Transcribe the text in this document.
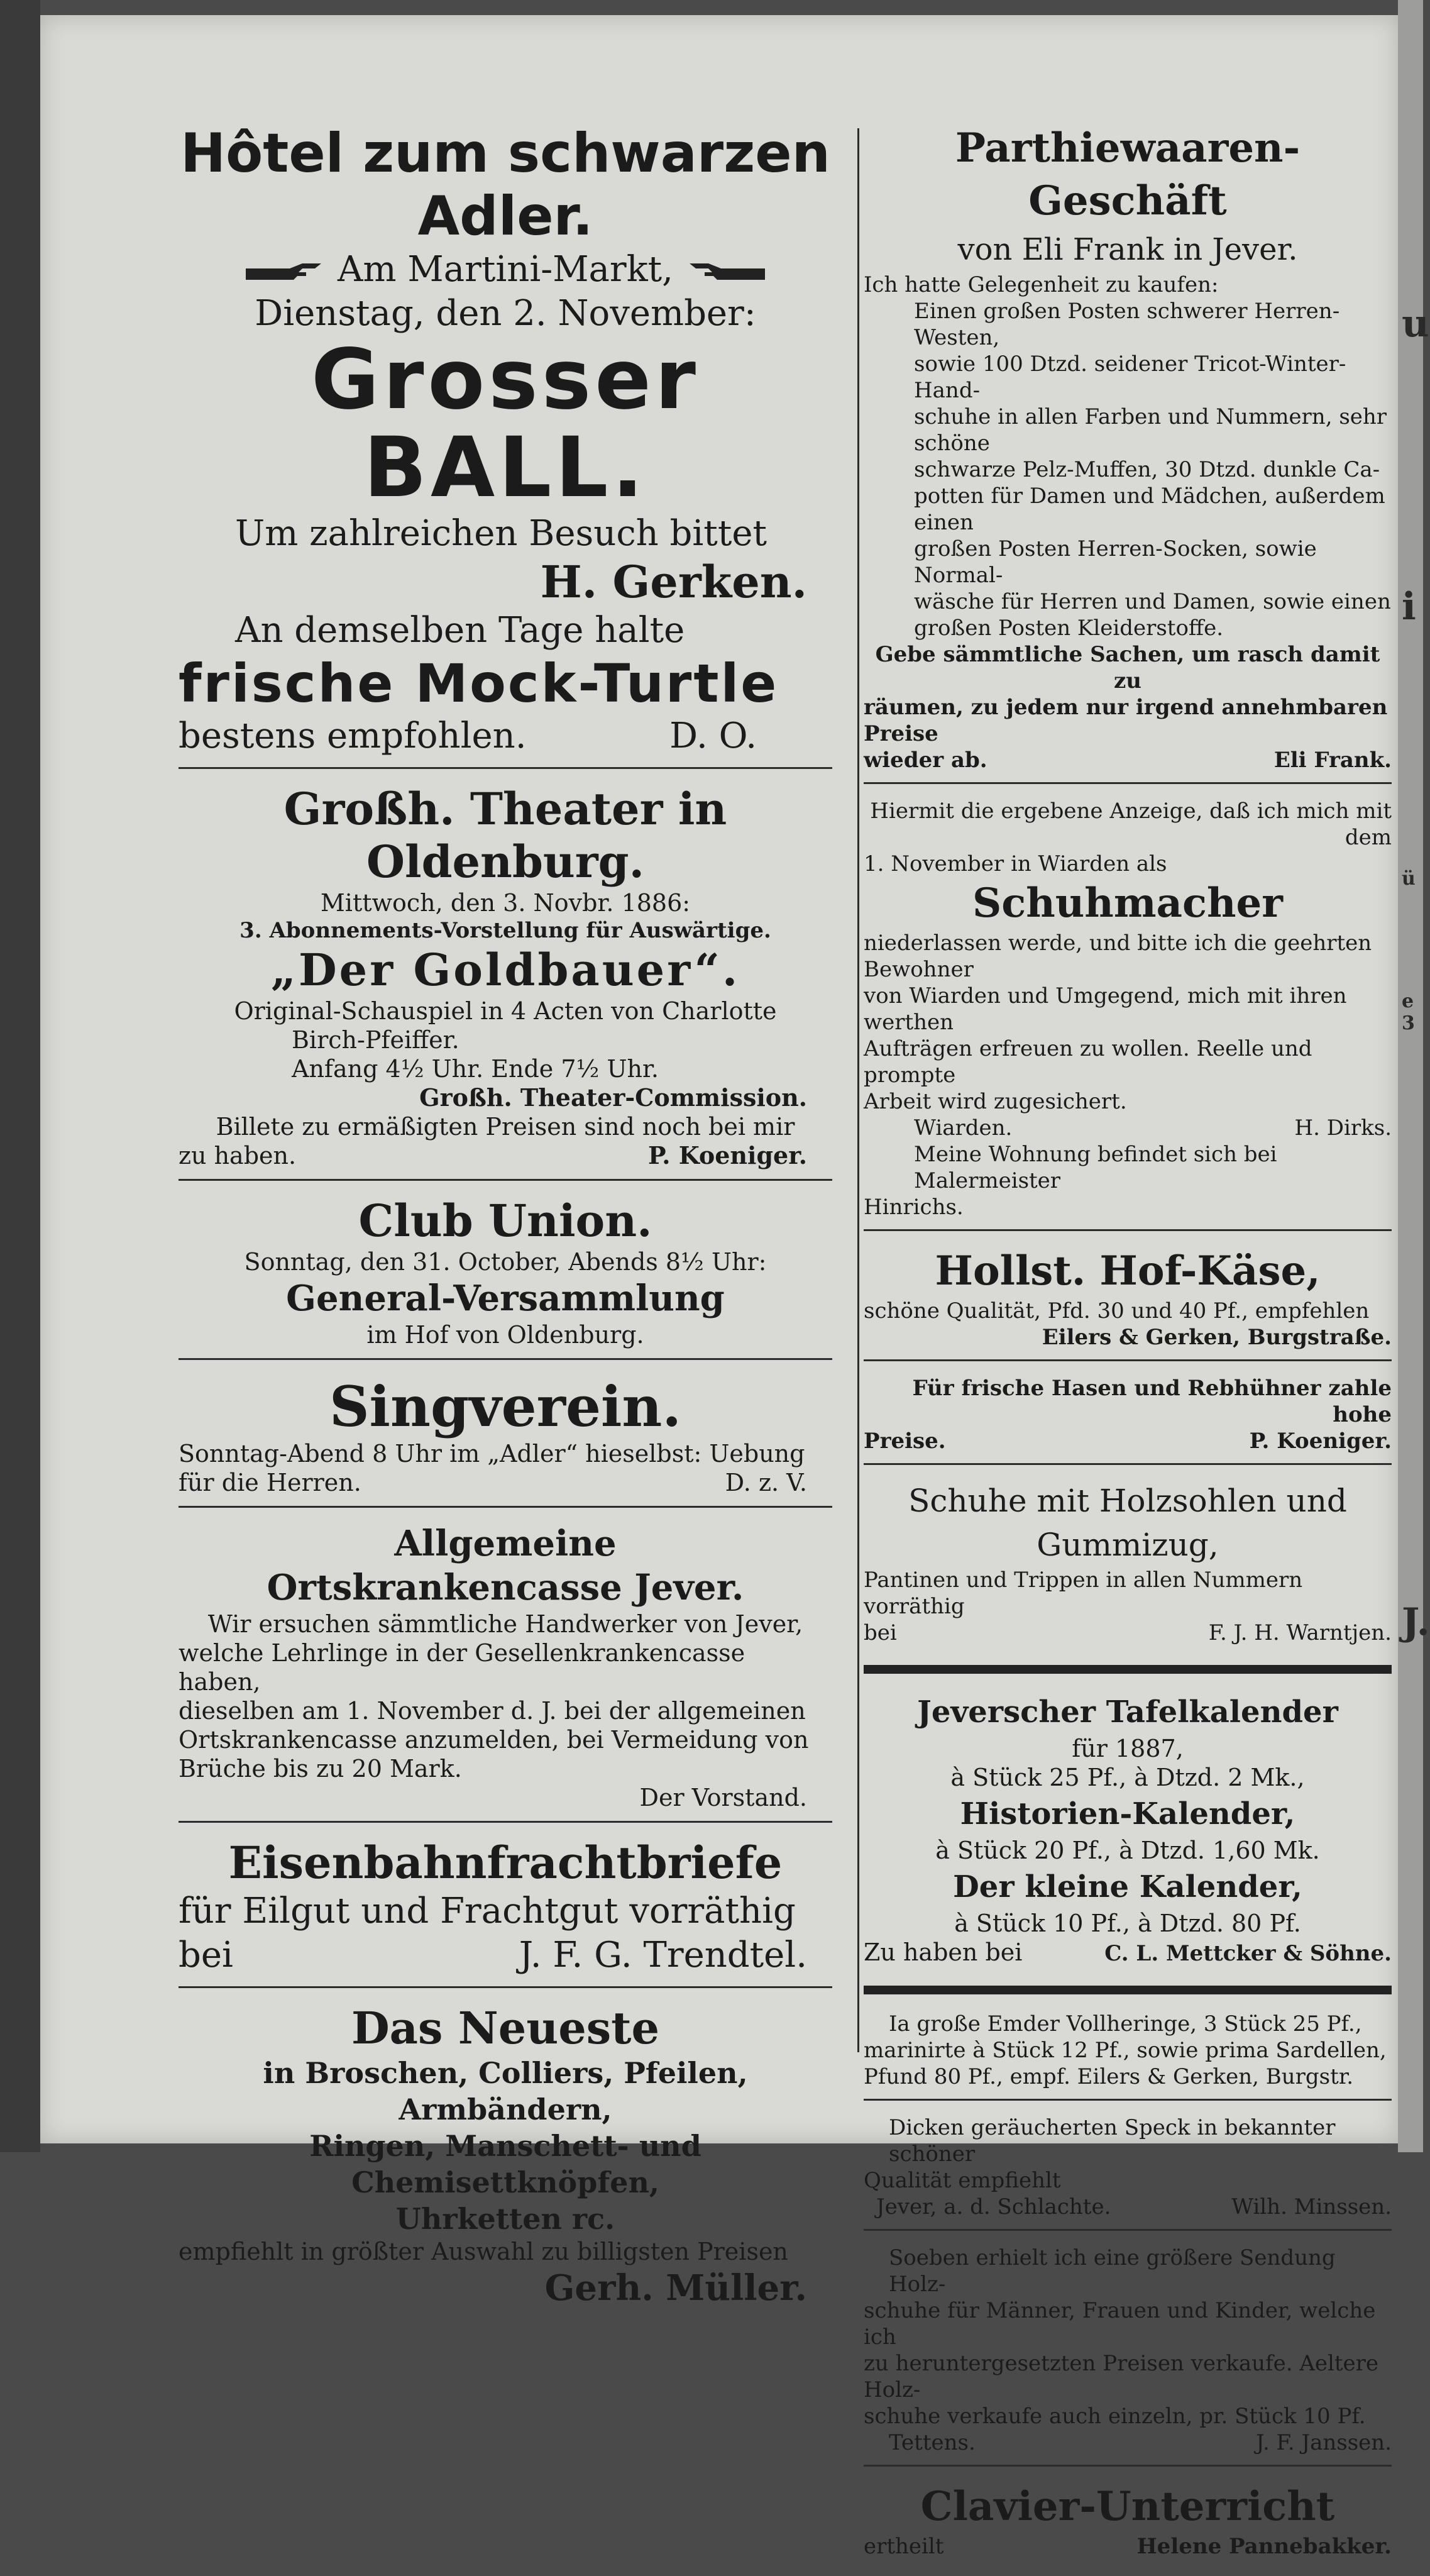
Hôtel zum schwarzen Adler.
Am Martini-Markt,
Dienstag, den 2. November:
Grosser BALL.
Um zahlreichen Besuch bittet
H. Gerken.
An demselben Tage halte
frische Mock-Turtle
bestens empfohlen.	D. O.
Großh. Theater in Oldenburg.
Mittwoch, den 3. Novbr. 1886:
3. Abonnements-Vorstellung für Auswärtige.
„Der Goldbauer“.
Original-Schauspiel in 4 Acten von Charlotte
Birch-Pfeiffer.
Anfang 4½ Uhr. Ende 7½ Uhr.
Großh. Theater-Commission.
Billete zu ermäßigten Preisen sind noch bei mir
zu haben.	P. Koeniger.
Club Union.
Sonntag, den 31. October, Abends 8½ Uhr:
General-Versammlung
im Hof von Oldenburg.
Singverein.
Sonntag-Abend 8 Uhr im „Adler“ hieselbst: Uebung
für die Herren.	D. z. V.
Allgemeine
Ortskrankencasse Jever.
Wir ersuchen sämmtliche Handwerker von Jever,
welche Lehrlinge in der Gesellenkrankencasse haben,
dieselben am 1. November d. J. bei der allgemeinen
Ortskrankencasse anzumelden, bei Vermeidung von
Brüche bis zu 20 Mark.
Der Vorstand.
Eisenbahnfrachtbriefe
für Eilgut und Frachtgut vorräthig
bei	J. F. G. Trendtel.
Das Neueste
in Broschen, Colliers, Pfeilen, Armbändern,
Ringen, Manschett- und Chemisettknöpfen,
Uhrketten rc.
empfiehlt in größter Auswahl zu billigsten Preisen
Gerh. Müller.
Parthiewaaren-Geschäft
von Eli Frank in Jever.
Ich hatte Gelegenheit zu kaufen:
Einen großen Posten schwerer Herren-Westen,
sowie 100 Dtzd. seidener Tricot-Winter-Hand-
schuhe in allen Farben und Nummern, sehr schöne
schwarze Pelz-Muffen, 30 Dtzd. dunkle Ca-
potten für Damen und Mädchen, außerdem einen
großen Posten Herren-Socken, sowie Normal-
wäsche für Herren und Damen, sowie einen
großen Posten Kleiderstoffe.
Gebe sämmtliche Sachen, um rasch damit zu
räumen, zu jedem nur irgend annehmbaren Preise
wieder ab.	Eli Frank.
Hiermit die ergebene Anzeige, daß ich mich mit dem
1. November in Wiarden als
Schuhmacher
niederlassen werde, und bitte ich die geehrten Bewohner
von Wiarden und Umgegend, mich mit ihren werthen
Aufträgen erfreuen zu wollen. Reelle und prompte
Arbeit wird zugesichert.
Wiarden.	H. Dirks.
Meine Wohnung befindet sich bei Malermeister
Hinrichs.
Hollst. Hof-Käse,
schöne Qualität, Pfd. 30 und 40 Pf., empfehlen
Eilers & Gerken, Burgstraße.
Für frische Hasen und Rebhühner zahle hohe
Preise.	P. Koeniger.
Schuhe mit Holzsohlen und Gummizug,
Pantinen und Trippen in allen Nummern vorräthig
bei	F. J. H. Warntjen.
Jeverscher Tafelkalender
für 1887,
à Stück 25 Pf., à Dtzd. 2 Mk.,
Historien-Kalender,
à Stück 20 Pf., à Dtzd. 1,60 Mk.
Der kleine Kalender,
à Stück 10 Pf., à Dtzd. 80 Pf.
Zu haben bei	C. L. Mettcker & Söhne.
Ia große Emder Vollheringe, 3 Stück 25 Pf.,
marinirte à Stück 12 Pf., sowie prima Sardellen,
Pfund 80 Pf., empf. Eilers & Gerken, Burgstr.
Dicken geräucherten Speck in bekannter schöner
Qualität empfiehlt
Jever, a. d. Schlachte.	Wilh. Minssen.
Soeben erhielt ich eine größere Sendung Holz-
schuhe für Männer, Frauen und Kinder, welche ich
zu heruntergesetzten Preisen verkaufe. Aeltere Holz-
schuhe verkaufe auch einzeln, pr. Stück 10 Pf.
Tettens.	J. F. Janssen.
Clavier-Unterricht
ertheilt	Helene Pannebakker.
u
i
ü
e 3
J.
